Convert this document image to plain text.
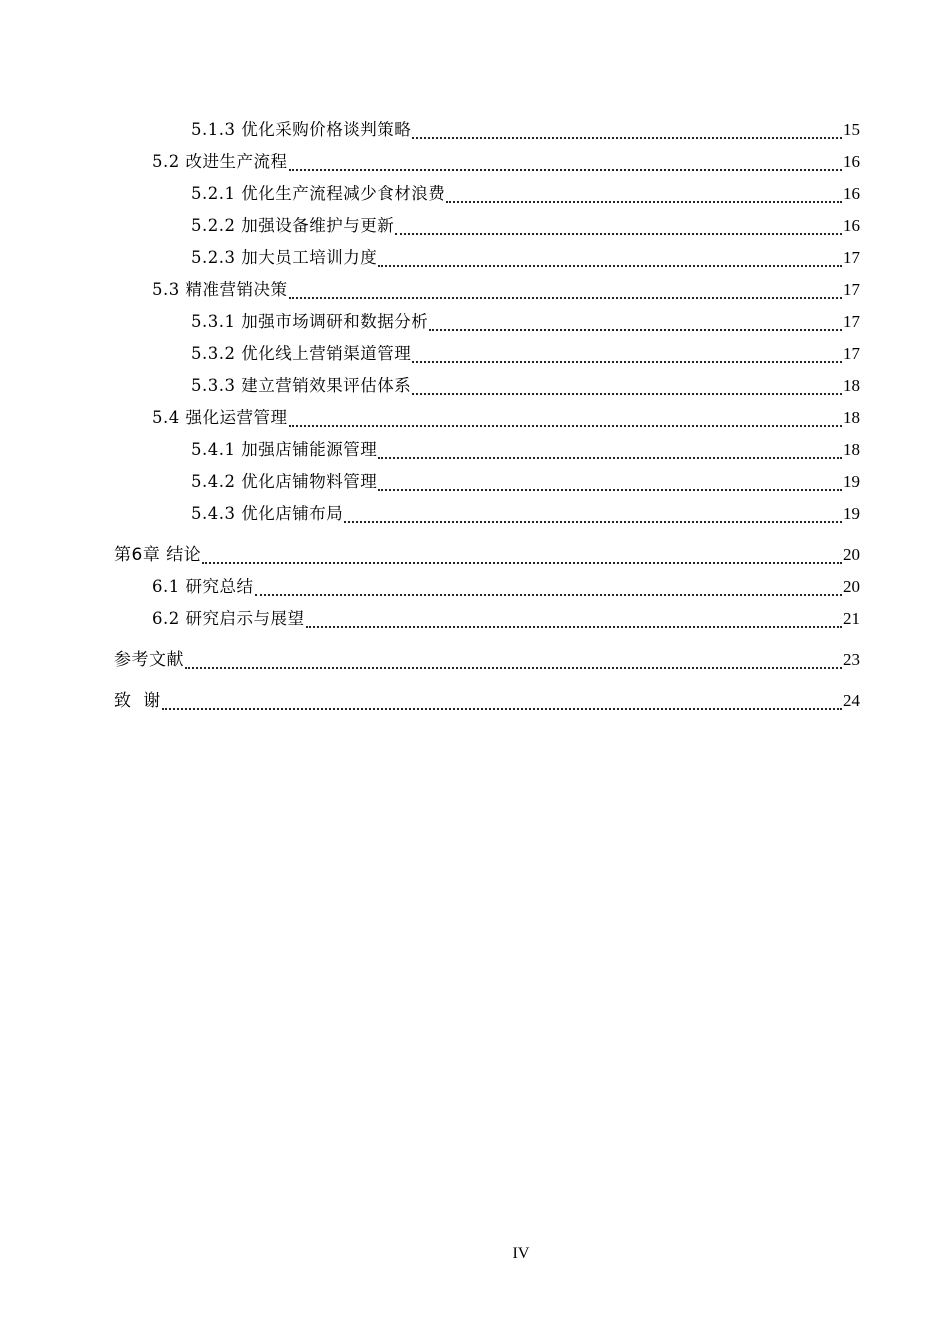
5.1.3 优化采购价格谈判策略	15
5.2 改进生产流程	16
5.2.1 优化生产流程减少食材浪费	16
5.2.2 加强设备维护与更新	16
5.2.3 加大员工培训力度	17
5.3 精准营销决策	17
5.3.1 加强市场调研和数据分析	17
5.3.2 优化线上营销渠道管理	17
5.3.3 建立营销效果评估体系	18
5.4 强化运营管理	18
5.4.1 加强店铺能源管理	18
5.4.2 优化店铺物料管理	19
5.4.3 优化店铺布局	19
第6章 结论	20
6.1 研究总结	20
6.2 研究启示与展望	21
参考文献	23
致  谢	24
IV
